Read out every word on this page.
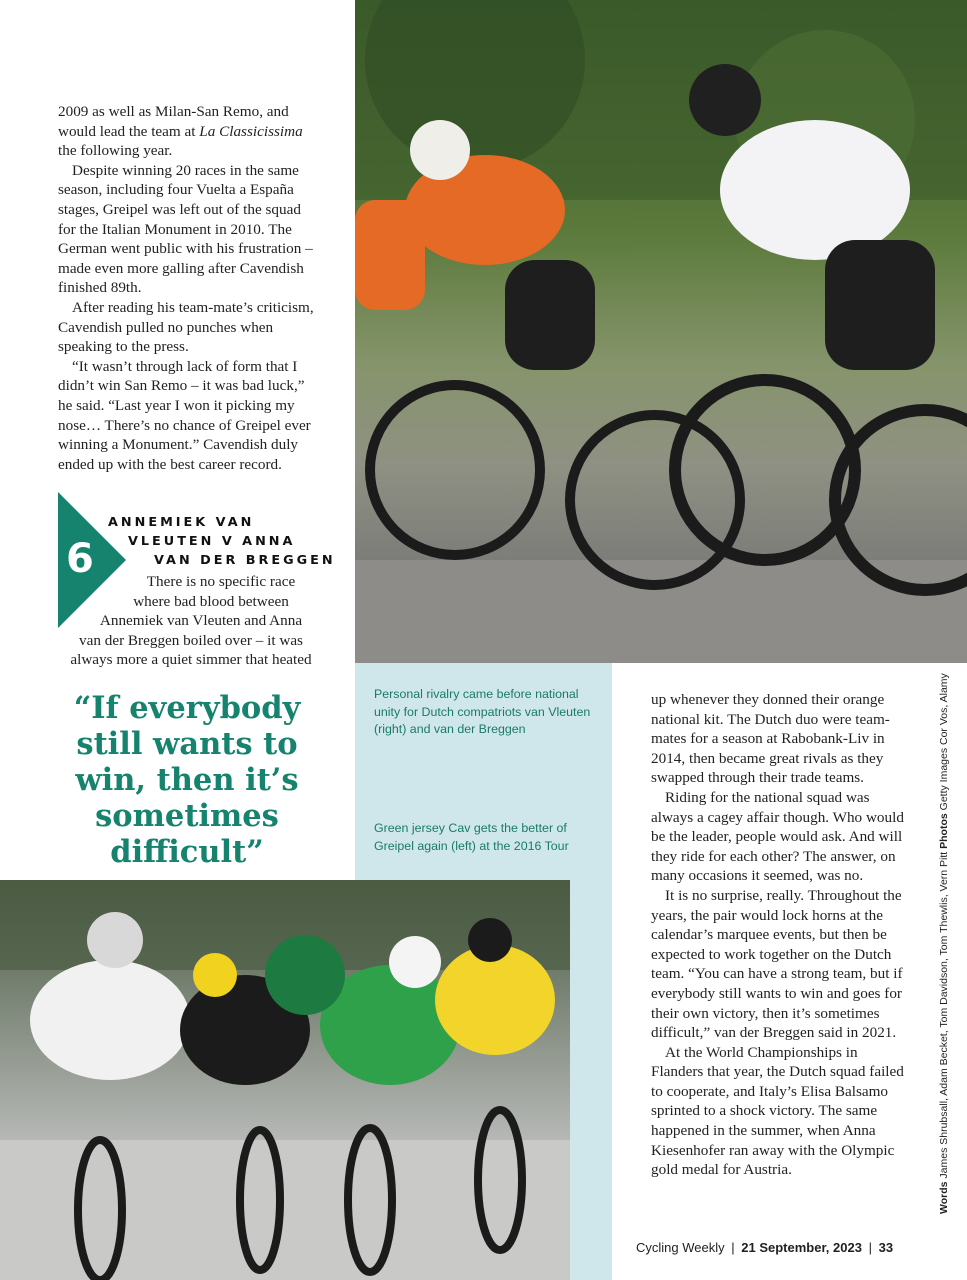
2009 as well as Milan-San Remo, and would lead the team at La Classicissima the following year.

Despite winning 20 races in the same season, including four Vuelta a España stages, Greipel was left out of the squad for the Italian Monument in 2010. The German went public with his frustration – made even more galling after Cavendish finished 89th.

After reading his team-mate’s criticism, Cavendish pulled no punches when speaking to the press.

“It wasn’t through lack of form that I didn’t win San Remo – it was bad luck,” he said. “Last year I won it picking my nose… There’s no chance of Greipel ever winning a Monument.” Cavendish duly ended up with the best career record.

6
ANNEMIEK VAN
VLEUTEN V ANNA
VAN DER BREGGEN
There is no specific race
where bad blood between
Annemiek van Vleuten and Anna
van der Breggen boiled over – it was
always more a quiet simmer that heated
Personal rivalry came before national unity for Dutch compatriots van Vleuten (right) and van der Breggen
Green jersey Cav gets the better of Greipel again (left) at the 2016 Tour
“If everybody still wants to win, then it’s sometimes difficult”

up whenever they donned their orange national kit. The Dutch duo were team-mates for a season at Rabobank-Liv in 2014, then became great rivals as they swapped through their trade teams.

Riding for the national squad was always a cagey affair though. Who would be the leader, people would ask. And will they ride for each other? The answer, on many occasions it seemed, was no.

It is no surprise, really. Throughout the years, the pair would lock horns at the calendar’s marquee events, but then be expected to work together on the Dutch team. “You can have a strong team, but if everybody still wants to win and goes for their own victory, then it’s sometimes difficult,” van der Breggen said in 2021.

At the World Championships in Flanders that year, the Dutch squad failed to cooperate, and Italy’s Elisa Balsamo sprinted to a shock victory. The same happened in the summer, when Anna Kiesenhofer ran away with the Olympic gold medal for Austria.

Words James Shrubsall, Adam Becket, Tom Davidson, Tom Thewlis, Vern Pitt Photos Getty Images Cor Vos, Alamy
Cycling Weekly | 21 September, 2023 | 33
